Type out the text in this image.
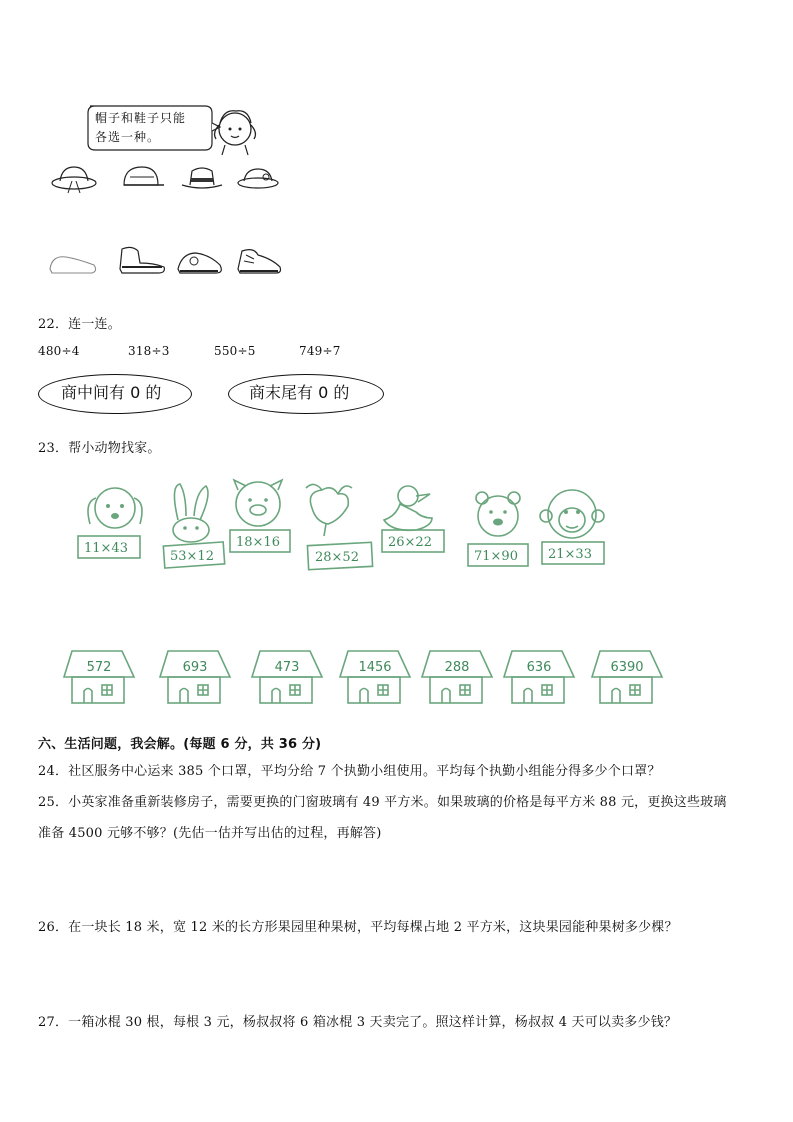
帽子和鞋子只能
各选一种。
22．连一连。
480÷4	318÷3	550÷5	749÷7
商中间有 0 的	商末尾有 0 的
23．帮小动物找家。
11×43
53×12
18×16
28×52
26×22
71×90 21×33
572	693	473	1456	288	636	6390
六、生活问题，我会解。(每题 6 分，共 36 分)
24．社区服务中心运来 385 个口罩，平均分给 7 个执勤小组使用。平均每个执勤小组能分得多少个口罩？
25．小英家准备重新装修房子，需要更换的门窗玻璃有 49 平方米。如果玻璃的价格是每平方米 88 元，更换这些玻璃
准备 4500 元够不够？(先估一估并写出估的过程，再解答)
26．在一块长 18 米，宽 12 米的长方形果园里种果树，平均每棵占地 2 平方米，这块果园能种果树多少棵？
27．一箱冰棍 30 根，每根 3 元，杨叔叔将 6 箱冰棍 3 天卖完了。照这样计算，杨叔叔 4 天可以卖多少钱？
